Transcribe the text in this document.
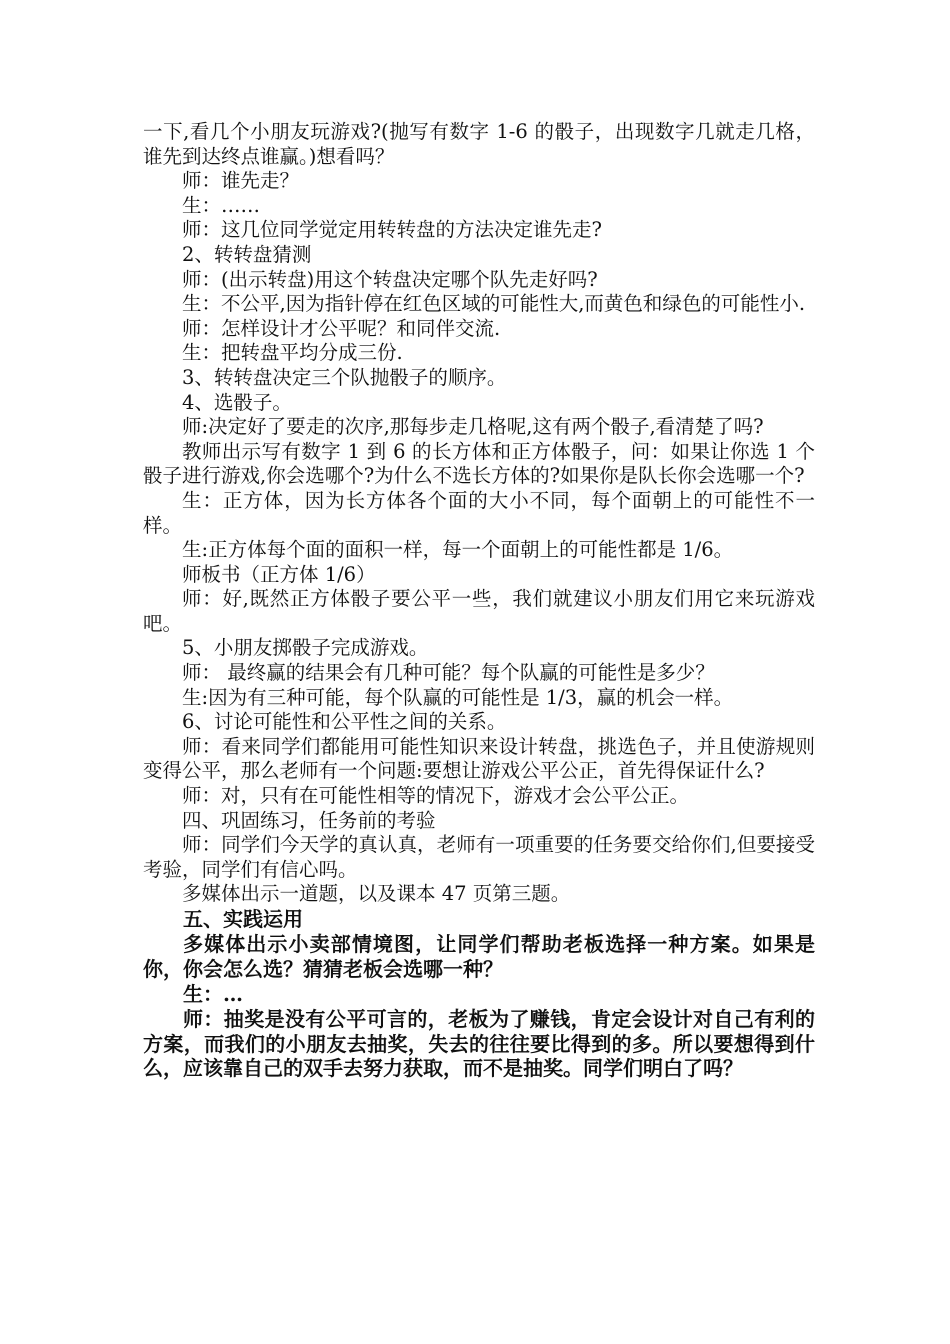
一下,看几个小朋友玩游戏?(抛写有数字 1-6 的骰子，出现数字几就走几格，谁先到达终点谁赢。)想看吗？

师：谁先走？

生：……

师：这几位同学觉定用转转盘的方法决定谁先走?

2、转转盘猜测

师：(出示转盘)用这个转盘决定哪个队先走好吗?

生：不公平,因为指针停在红色区域的可能性大,而黄色和绿色的可能性小.

师：怎样设计才公平呢？和同伴交流.

生：把转盘平均分成三份.

3、转转盘决定三个队抛骰子的顺序。

4、选骰子。

师:决定好了要走的次序,那每步走几格呢,这有两个骰子,看清楚了吗?

教师出示写有数字 1 到 6 的长方体和正方体骰子，问：如果让你选 1 个骰子进行游戏,你会选哪个?为什么不选长方体的?如果你是队长你会选哪一个?

生：正方体，因为长方体各个面的大小不同，每个面朝上的可能性不一样。

生:正方体每个面的面积一样，每一个面朝上的可能性都是 1/6。

师板书（正方体 1/6）

师：好,既然正方体骰子要公平一些，我们就建议小朋友们用它来玩游戏吧。

5、小朋友掷骰子完成游戏。

师： 最终赢的结果会有几种可能？每个队赢的可能性是多少？

生:因为有三种可能，每个队赢的可能性是 1/3，赢的机会一样。

6、讨论可能性和公平性之间的关系。

师：看来同学们都能用可能性知识来设计转盘，挑选色子，并且使游规则变得公平，那么老师有一个问题:要想让游戏公平公正，首先得保证什么?

师：对，只有在可能性相等的情况下，游戏才会公平公正。

四、巩固练习，任务前的考验

师：同学们今天学的真认真，老师有一项重要的任务要交给你们,但要接受考验，同学们有信心吗。

多媒体出示一道题，以及课本 47 页第三题。

五、实践运用

多媒体出示小卖部情境图，让同学们帮助老板选择一种方案。如果是你，你会怎么选？猜猜老板会选哪一种？

生：…

师：抽奖是没有公平可言的，老板为了赚钱，肯定会设计对自己有利的方案，而我们的小朋友去抽奖，失去的往往要比得到的多。所以要想得到什么，应该靠自己的双手去努力获取，而不是抽奖。同学们明白了吗？
